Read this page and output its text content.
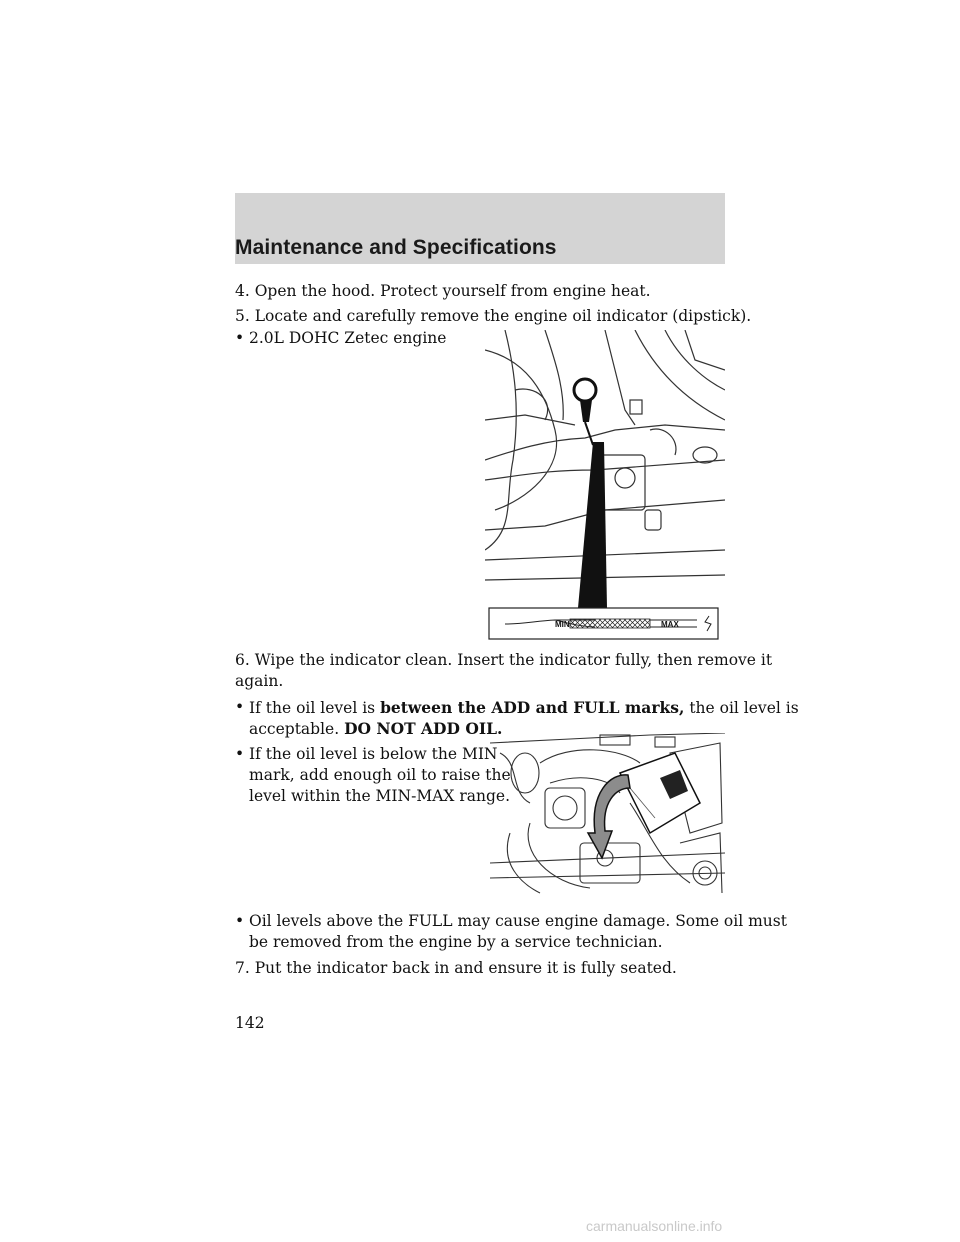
Maintenance and Specifications

4. Open the hood. Protect yourself from engine heat.

5. Locate and carefully remove the engine oil indicator (dipstick).

• 2.0L DOHC Zetec engine
MIN	MAX

6. Wipe the indicator clean. Insert the indicator fully, then remove it

again.

• If the oil level is between the ADD and FULL marks, the oil level is
acceptable. DO NOT ADD OIL.
• If the oil level is below the MIN
mark, add enough oil to raise the
level within the MIN-MAX range.
• Oil levels above the FULL may cause engine damage. Some oil must
be removed from the engine by a service technician.

7. Put the indicator back in and ensure it is fully seated.

142
carmanualsonline.info
